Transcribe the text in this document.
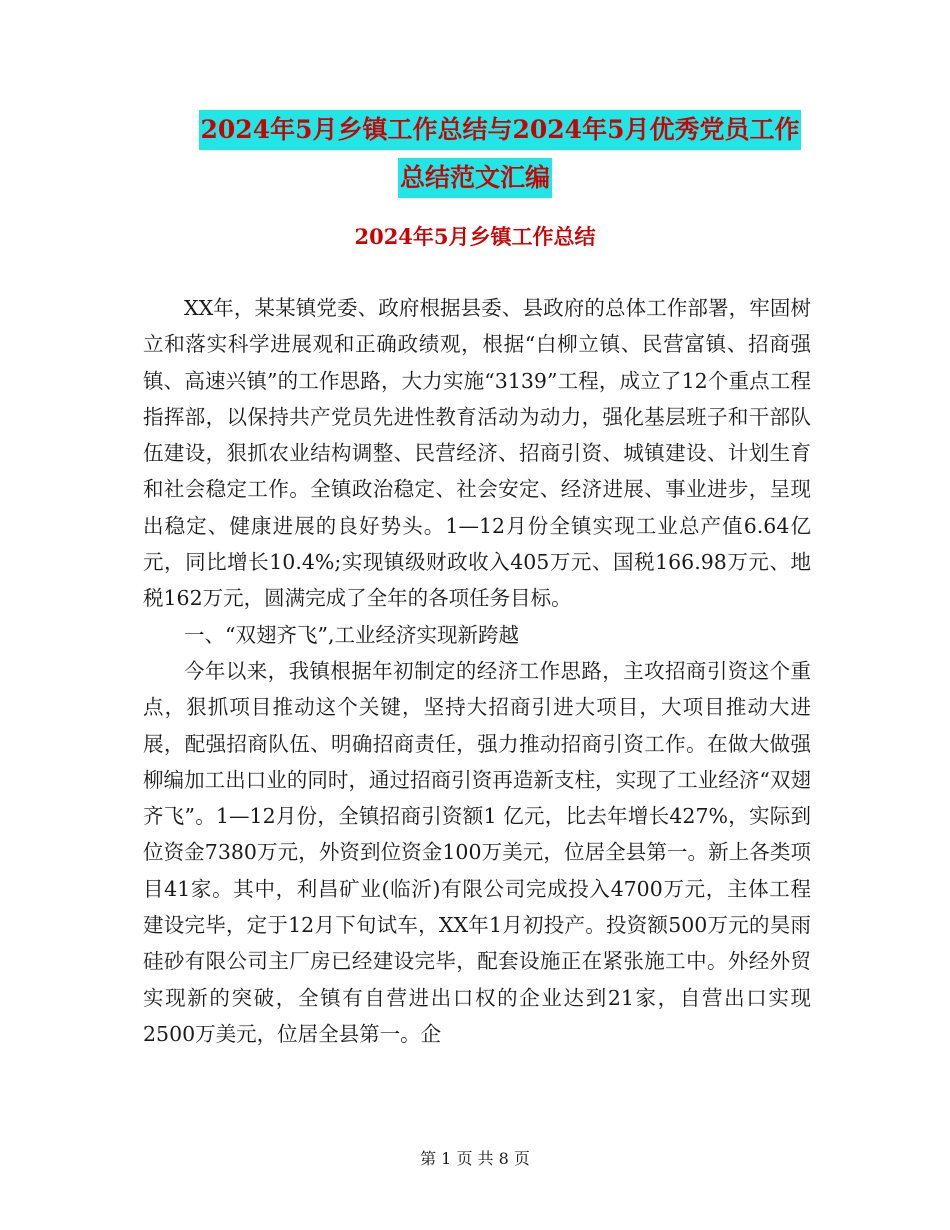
2024年5月乡镇工作总结与2024年5月优秀党员工作
总结范文汇编
2024年5月乡镇工作总结

XX年，某某镇党委、政府根据县委、县政府的总体工作部署，牢固树立和落实科学进展观和正确政绩观，根据“白柳立镇、民营富镇、招商强镇、高速兴镇”的工作思路，大力实施“3139”工程，成立了12个重点工程指挥部，以保持共产党员先进性教育活动为动力，强化基层班子和干部队伍建设，狠抓农业结构调整、民营经济、招商引资、城镇建设、计划生育和社会稳定工作。全镇政治稳定、社会安定、经济进展、事业进步，呈现出稳定、健康进展的良好势头。1—12月份全镇实现工业总产值6.64亿元，同比增长10.4%;实现镇级财政收入405万元、国税166.98万元、地税162万元，圆满完成了全年的各项任务目标。

一、“双翅齐飞”,工业经济实现新跨越

今年以来，我镇根据年初制定的经济工作思路，主攻招商引资这个重点，狠抓项目推动这个关键，坚持大招商引进大项目，大项目推动大进展，配强招商队伍、明确招商责任，强力推动招商引资工作。在做大做强柳编加工出口业的同时，通过招商引资再造新支柱，实现了工业经济“双翅齐飞”。1—12月份，全镇招商引资额1 亿元，比去年增长427%，实际到位资金7380万元，外资到位资金100万美元，位居全县第一。新上各类项目41家。其中，利昌矿业(临沂)有限公司完成投入4700万元，主体工程建设完毕，定于12月下旬试车，XX年1月初投产。投资额500万元的昊雨硅砂有限公司主厂房已经建设完毕，配套设施正在紧张施工中。外经外贸实现新的突破，全镇有自营进出口权的企业达到21家，自营出口实现2500万美元，位居全县第一。企

第 1 页 共 8 页
